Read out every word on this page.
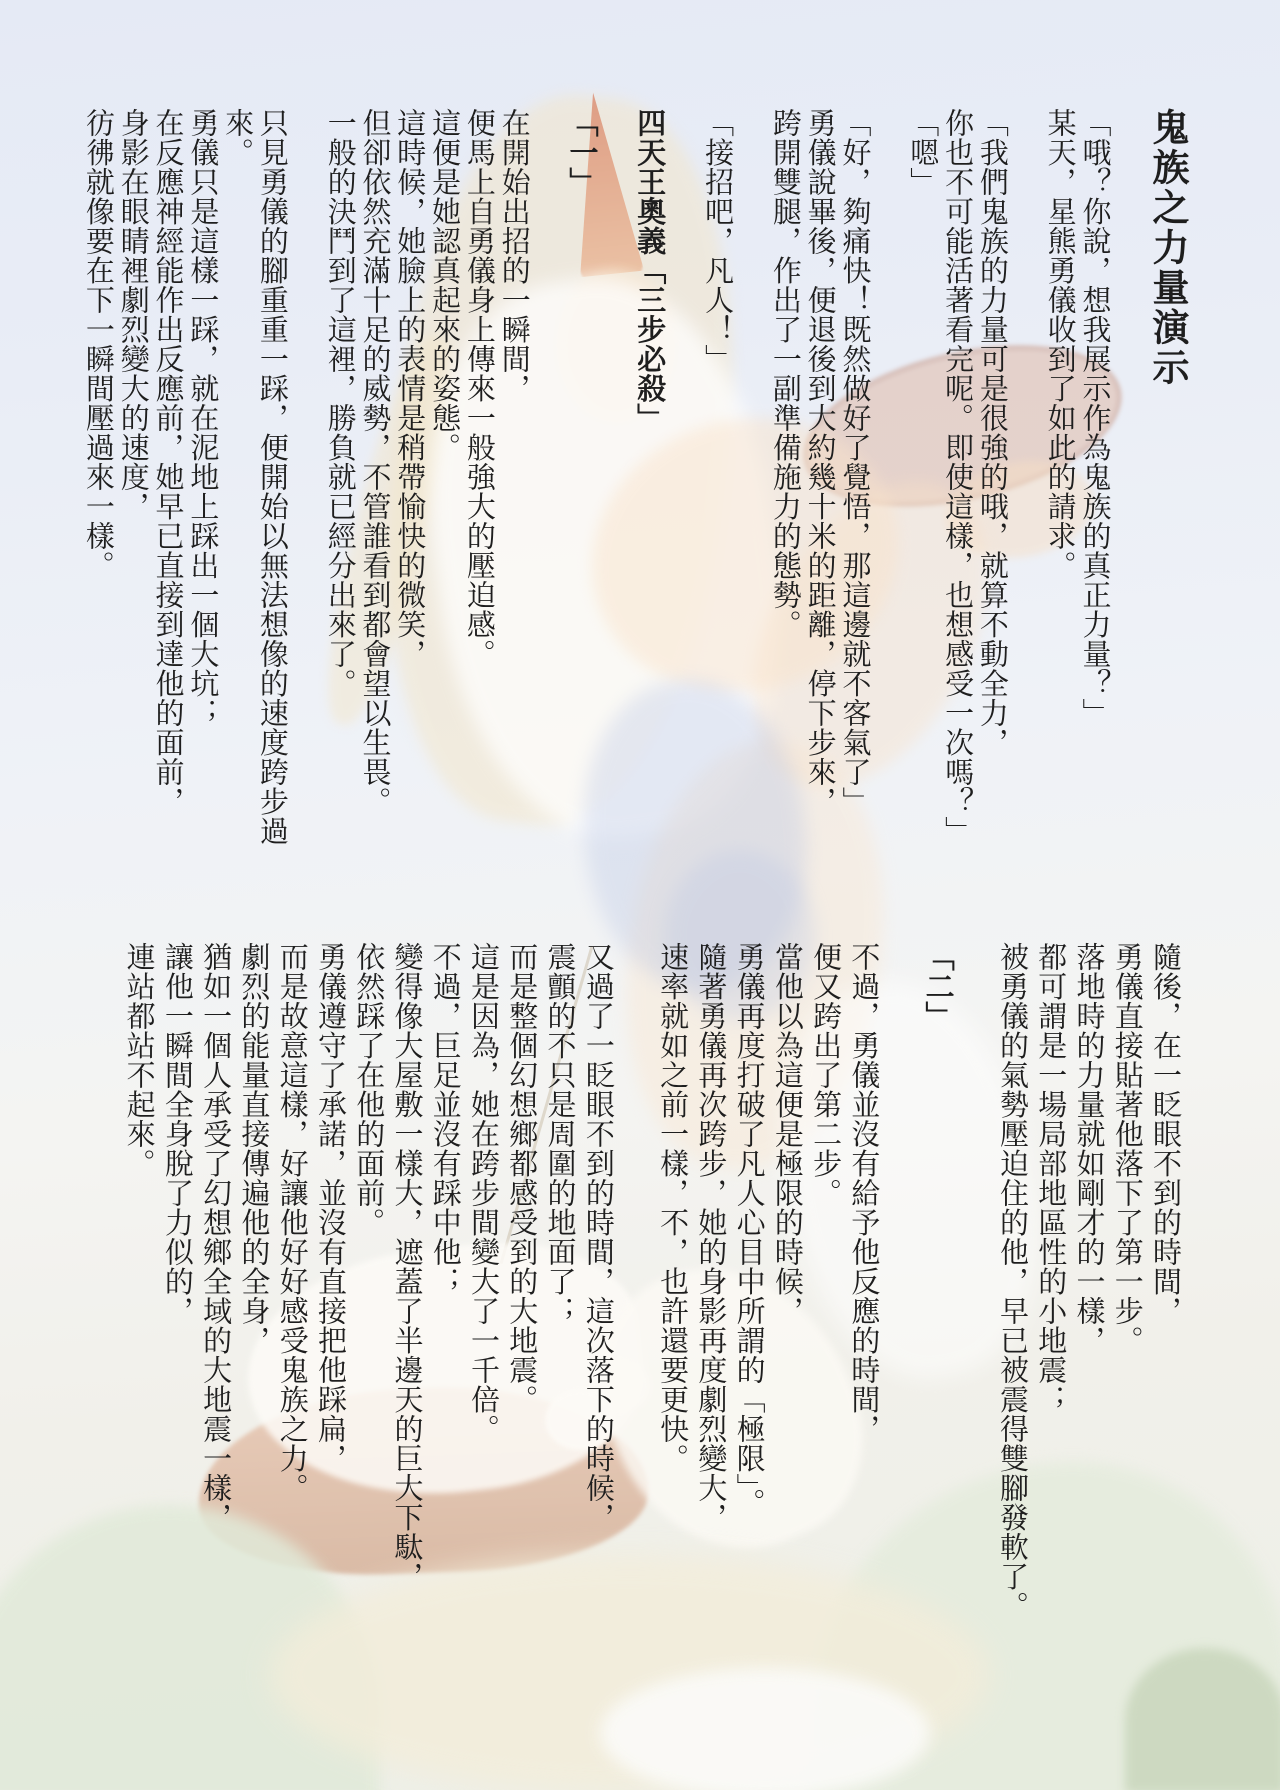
鬼族之力量演示

「哦？你說，想我展示作為鬼族的真正力量？」

某天，星熊勇儀收到了如此的請求。

「我們鬼族的力量可是很強的哦，就算不動全力，

你也不可能活著看完呢。即使這樣，也想感受一次嗎？」

「嗯」

「好，夠痛快！既然做好了覺悟，那這邊就不客氣了」

勇儀說畢後，便退後到大約幾十米的距離，停下步來，

跨開雙腿，作出了一副準備施力的態勢。

「接招吧，凡人！」

四天王奧義「三步必殺」

「一」

在開始出招的一瞬間，

便馬上自勇儀身上傳來一般強大的壓迫感。

這便是她認真起來的姿態。

這時候，她臉上的表情是稍帶愉快的微笑，

但卻依然充滿十足的威勢，不管誰看到都會望以生畏。

一般的決鬥到了這裡，勝負就已經分出來了。

只見勇儀的腳重重一踩，便開始以無法想像的速度跨步過來。

勇儀只是這樣一踩，就在泥地上踩出一個大坑；

在反應神經能作出反應前，她早已直接到達他的面前，

身影在眼睛裡劇烈變大的速度，

彷彿就像要在下一瞬間壓過來一樣。

隨後，在一眨眼不到的時間，

勇儀直接貼著他落下了第一步。

落地時的力量就如剛才的一樣，

都可謂是一場局部地區性的小地震；

被勇儀的氣勢壓迫住的他，早已被震得雙腳發軟了。

「二」

不過，勇儀並沒有給予他反應的時間，

便又跨出了第二步。

當他以為這便是極限的時候，

勇儀再度打破了凡人心目中所謂的「極限」。

隨著勇儀再次跨步，她的身影再度劇烈變大，

速率就如之前一樣，不，也許還要更快。

又過了一眨眼不到的時間，這次落下的時候，

震顫的不只是周圍的地面了；

而是整個幻想鄉都感受到的大地震。

這是因為，她在跨步間變大了一千倍。

不過，巨足並沒有踩中他；

變得像大屋敷一樣大，遮蓋了半邊天的巨大下駄，

依然踩了在他的面前。

勇儀遵守了承諾，並沒有直接把他踩扁，

而是故意這樣，好讓他好好感受鬼族之力。

劇烈的能量直接傳遍他的全身，

猶如一個人承受了幻想鄉全域的大地震一樣，

讓他一瞬間全身脫了力似的，

連站都站不起來。
